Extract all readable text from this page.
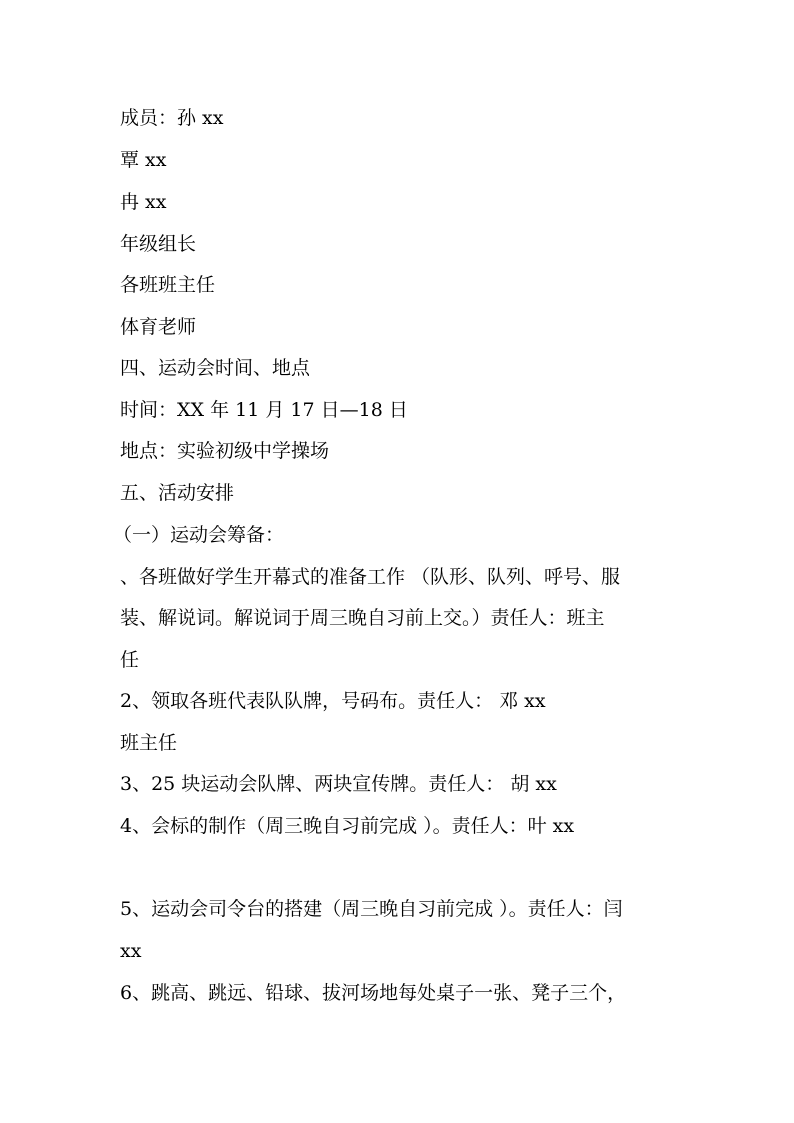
成员：孙 xx
覃 xx
冉 xx
年级组长
各班班主任
体育老师
四、运动会时间、地点
时间：XX 年 11 月 17 日—18 日
地点：实验初级中学操场
五、活动安排
（一）运动会筹备：
、各班做好学生开幕式的准备工作 （队形、队列、呼号、服
装、解说词。解说词于周三晚自习前上交。）责任人：班主
任
2、领取各班代表队队牌，号码布。责任人： 邓 xx
班主任
3、25 块运动会队牌、两块宣传牌。责任人： 胡 xx
4、会标的制作（周三晚自习前完成 ）。责任人：叶 xx
5、运动会司令台的搭建（周三晚自习前完成 ）。责任人：闫
xx
6、跳高、跳远、铅球、拔河场地每处桌子一张、凳子三个，
